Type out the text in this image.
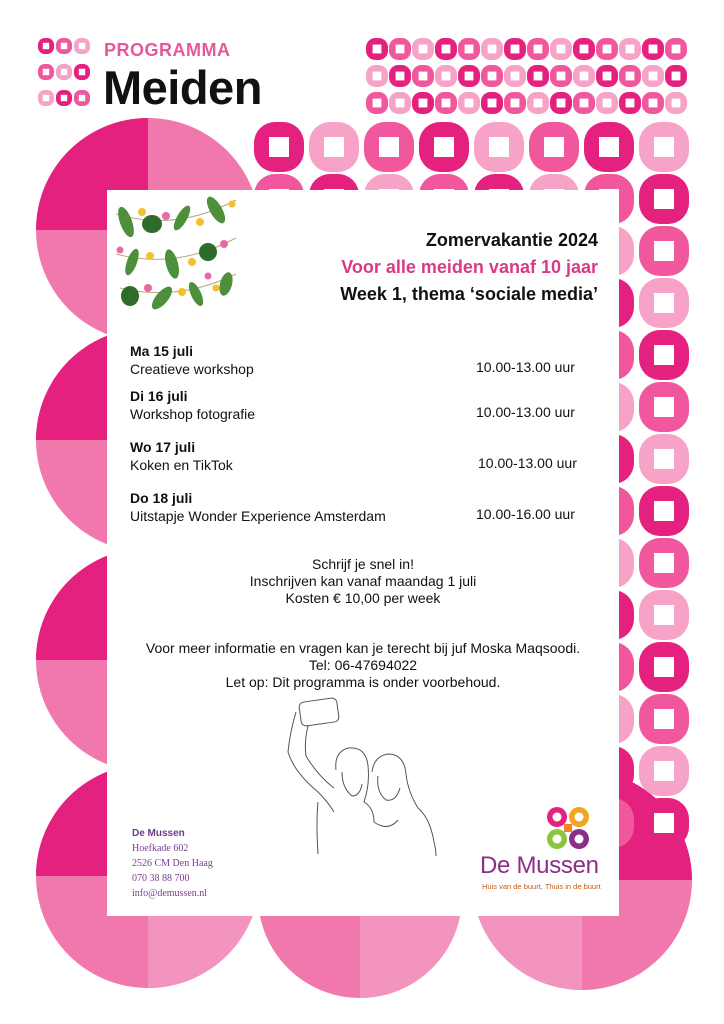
PROGRAMMA
Meiden
Zomervakantie 2024
Voor alle meiden vanaf 10 jaar
Week 1, thema ‘sociale media’
Ma 15 juli
Creatieve workshop	10.00-13.00 uur
Di 16 juli
Workshop fotografie	10.00-13.00 uur
Wo 17 juli
Koken en TikTok	10.00-13.00 uur
Do 18 juli
Uitstapje Wonder Experience Amsterdam	10.00-16.00 uur
Schrijf je snel in!
Inschrijven kan vanaf maandag 1 juli
Kosten € 10,00 per week
Voor meer informatie en vragen kan je terecht bij juf Moska Maqsoodi.
Tel: 06-47694022
Let op: Dit programma is onder voorbehoud.
De Mussen
Hoefkade 602
2526 CM Den Haag
070 38 88 700
info@demussen.nl
De Mussen
Huis van de buurt, Thuis in de buurt
